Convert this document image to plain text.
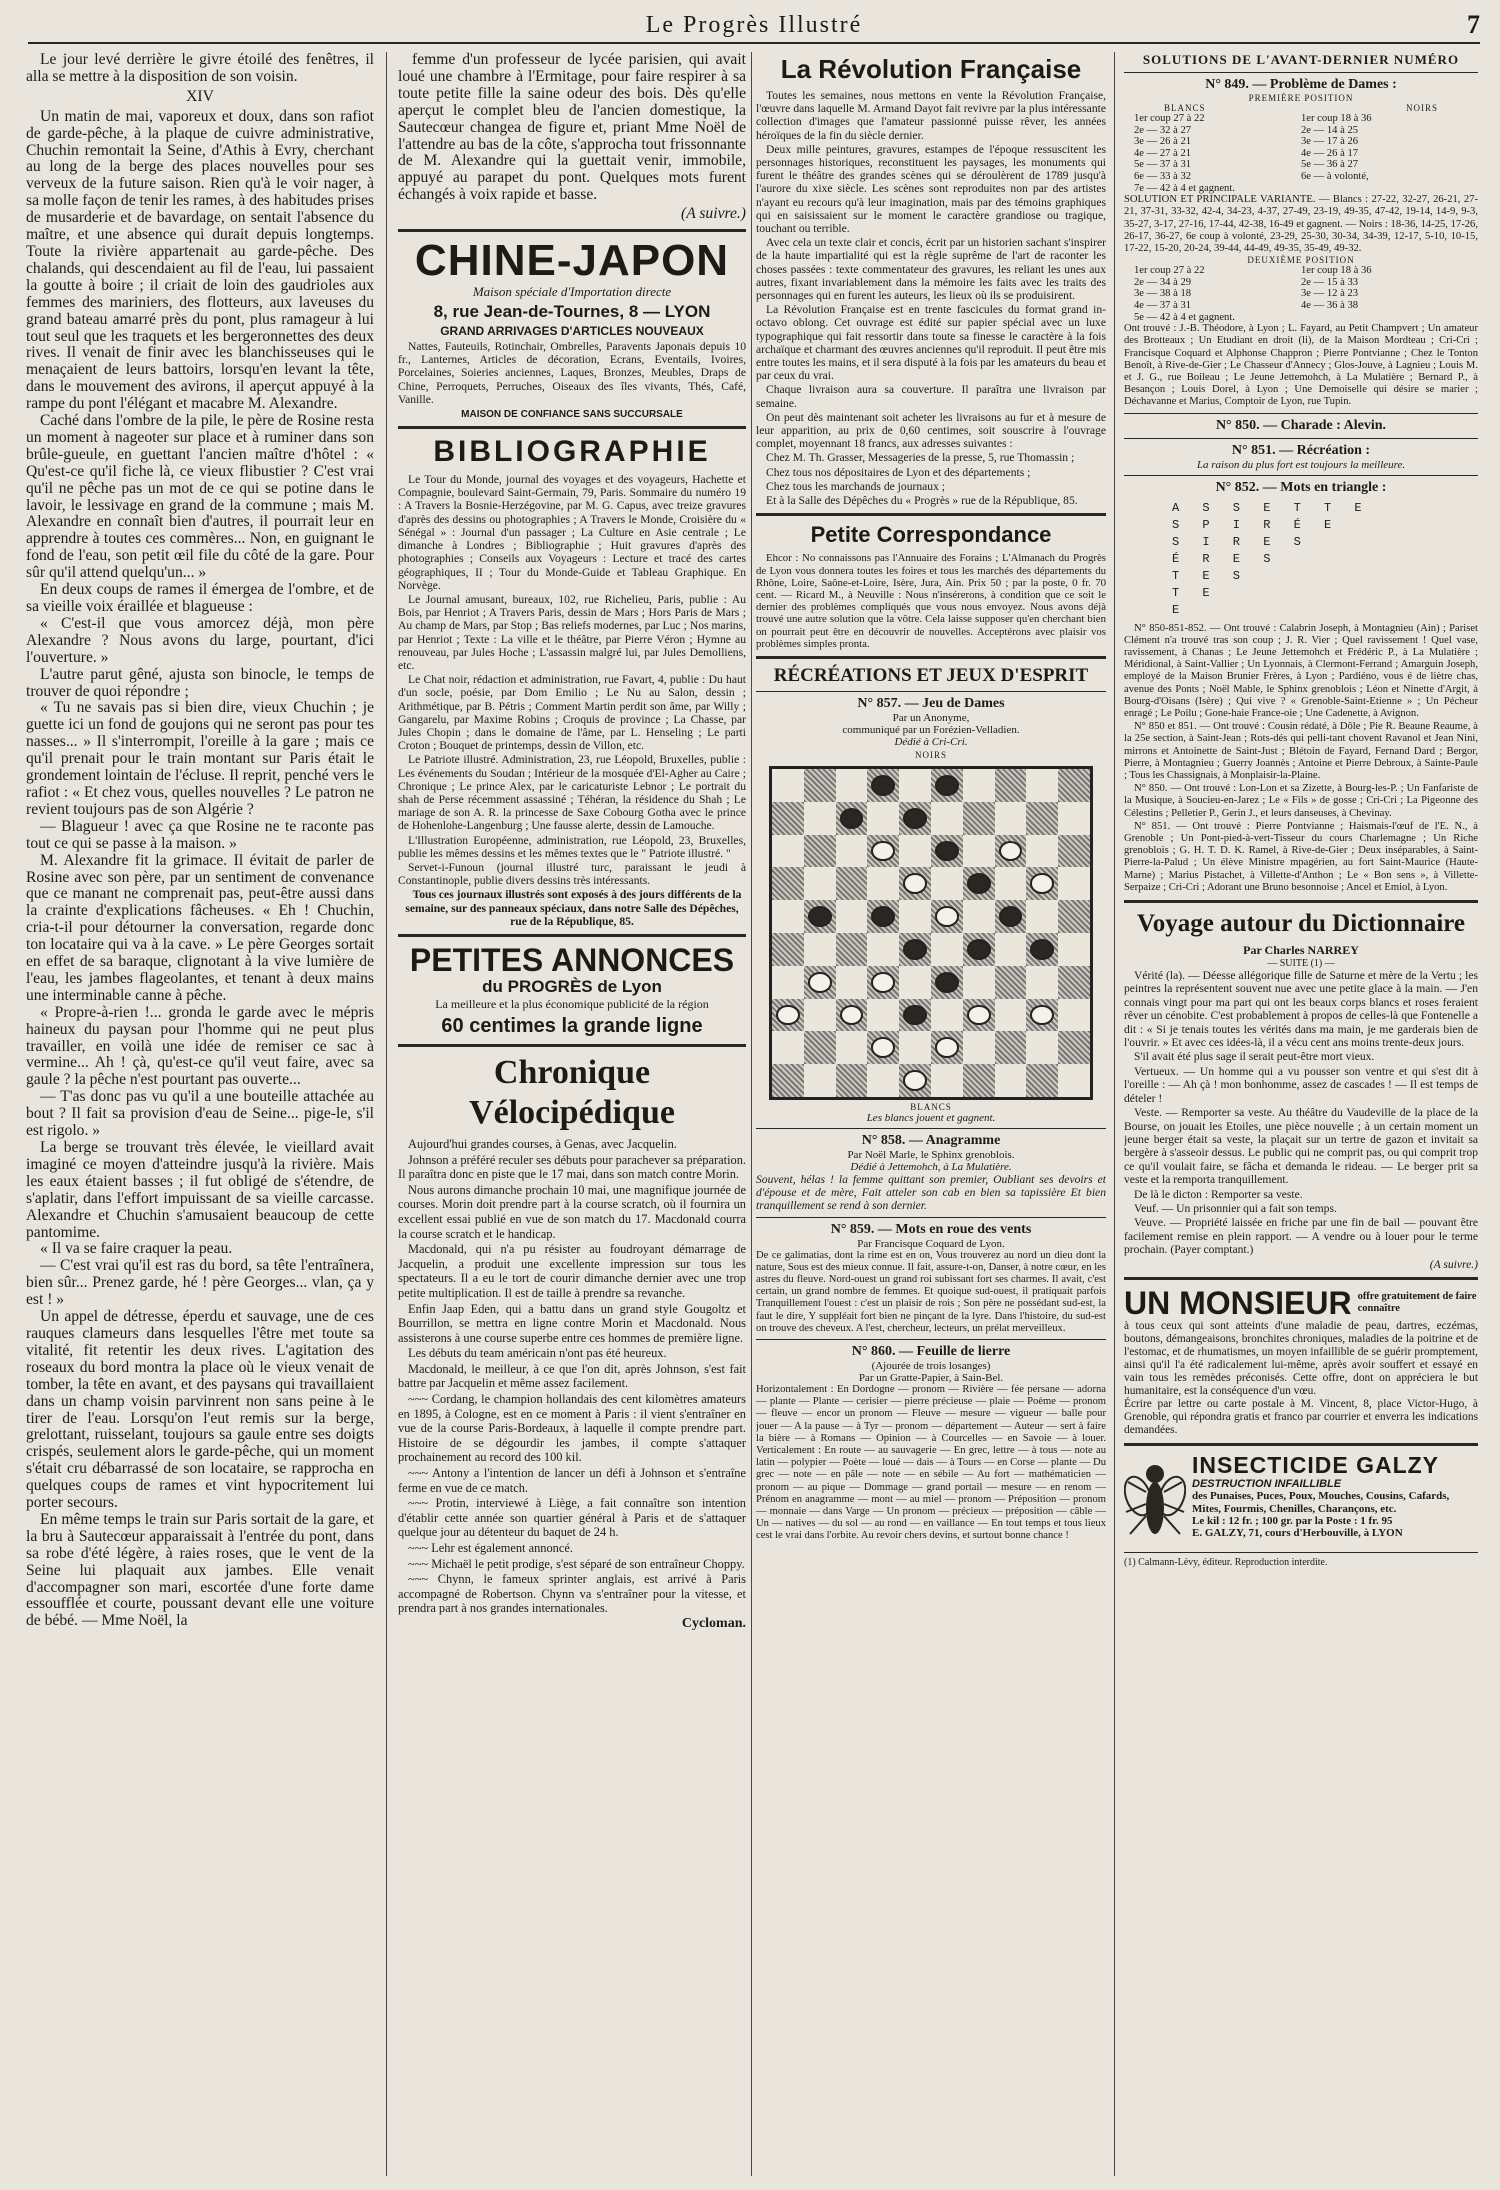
Le Progrès Illustré	7

Le jour levé derrière le givre étoilé des fenêtres, il alla se mettre à la disposition de son voisin.

XIV

Un matin de mai, vaporeux et doux, dans son rafiot de garde-pêche, à la plaque de cuivre administrative, Chuchin remontait la Seine, d'Athis à Evry, cherchant au long de la berge des places nouvelles pour ses verveux de la future saison. Rien qu'à le voir nager, à sa molle façon de tenir les rames, à des habitudes prises de musarderie et de bavardage, on sentait l'absence du maître, et une absence qui durait depuis longtemps. Toute la rivière appartenait au garde-pêche. Des chalands, qui descendaient au fil de l'eau, lui passaient la goutte à boire ; il criait de loin des gaudrioles aux femmes des mariniers, des flotteurs, aux laveuses du grand bateau amarré près du pont, plus ramageur à lui tout seul que les traquets et les bergeronnettes des deux rives. Il venait de finir avec les blanchisseuses qui le menaçaient de leurs battoirs, lorsqu'en levant la tête, dans le mouvement des avirons, il aperçut appuyé à la rampe du pont l'élégant et macabre M. Alexandre.

Caché dans l'ombre de la pile, le père de Rosine resta un moment à nageoter sur place et à ruminer dans son brûle-gueule, en guettant l'ancien maître d'hôtel : « Qu'est-ce qu'il fiche là, ce vieux flibustier ? C'est vrai qu'il ne pêche pas un mot de ce qui se potine dans le lavoir, le lessivage en grand de la commune ; mais M. Alexandre en connaît bien d'autres, il pourrait leur en apprendre à toutes ces commères... Non, en guignant le fond de l'eau, son petit œil file du côté de la gare. Pour sûr qu'il attend quelqu'un... »

En deux coups de rames il émergea de l'ombre, et de sa vieille voix éraillée et blagueuse :

« C'est-il que vous amorcez déjà, mon père Alexandre ? Nous avons du large, pourtant, d'ici l'ouverture. »

L'autre parut gêné, ajusta son binocle, le temps de trouver de quoi répondre ;

« Tu ne savais pas si bien dire, vieux Chuchin ; je guette ici un fond de goujons qui ne seront pas pour tes nasses... » Il s'interrompit, l'oreille à la gare ; mais ce qu'il prenait pour le train montant sur Paris était le grondement lointain de l'écluse. Il reprit, penché vers le rafiot : « Et chez vous, quelles nouvelles ? Le patron ne revient toujours pas de son Algérie ?

— Blagueur ! avec ça que Rosine ne te raconte pas tout ce qui se passe à la maison. »

M. Alexandre fit la grimace. Il évitait de parler de Rosine avec son père, par un sentiment de convenance que ce manant ne comprenait pas, peut-être aussi dans la crainte d'explications fâcheuses. « Eh ! Chuchin, cria-t-il pour détourner la conversation, regarde donc ton locataire qui va à la cave. » Le père Georges sortait en effet de sa baraque, clignotant à la vive lumière de l'eau, les jambes flageolantes, et tenant à deux mains une interminable canne à pêche.

« Propre-à-rien !... gronda le garde avec le mépris haineux du paysan pour l'homme qui ne peut plus travailler, en voilà une idée de remiser ce sac à vermine... Ah ! çà, qu'est-ce qu'il veut faire, avec sa gaule ? la pêche n'est pourtant pas ouverte...

— T'as donc pas vu qu'il a une bouteille attachée au bout ? Il fait sa provision d'eau de Seine... pige-le, s'il est rigolo. »

La berge se trouvant très élevée, le vieillard avait imaginé ce moyen d'atteindre jusqu'à la rivière. Mais les eaux étaient basses ; il fut obligé de s'étendre, de s'aplatir, dans l'effort impuissant de sa vieille carcasse. Alexandre et Chuchin s'amusaient beaucoup de cette pantomime.

« Il va se faire craquer la peau.

— C'est vrai qu'il est ras du bord, sa tête l'entraînera, bien sûr... Prenez garde, hé ! père Georges... vlan, ça y est ! »

Un appel de détresse, éperdu et sauvage, une de ces rauques clameurs dans lesquelles l'être met toute sa vitalité, fit retentir les deux rives. L'agitation des roseaux du bord montra la place où le vieux venait de tomber, la tête en avant, et des paysans qui travaillaient dans un champ voisin parvinrent non sans peine à le tirer de l'eau. Lorsqu'on l'eut remis sur la berge, grelottant, ruisselant, toujours sa gaule entre ses doigts crispés, seulement alors le garde-pêche, qui un moment s'était cru débarrassé de son locataire, se rapprocha en quelques coups de rames et vint hypocritement lui porter secours.

En même temps le train sur Paris sortait de la gare, et la bru à Sautecœur apparaissait à l'entrée du pont, dans sa robe d'été légère, à raies roses, que le vent de la Seine lui plaquait aux jambes. Elle venait d'accompagner son mari, escortée d'une forte dame essoufflée et courte, poussant devant elle une voiture de bébé. — Mme Noël, la

femme d'un professeur de lycée parisien, qui avait loué une chambre à l'Ermitage, pour faire respirer à sa toute petite fille la saine odeur des bois. Dès qu'elle aperçut le complet bleu de l'ancien domestique, la Sautecœur changea de figure et, priant Mme Noël de l'attendre au bas de la côte, s'approcha tout frissonnante de M. Alexandre qui la guettait venir, immobile, appuyé au parapet du pont. Quelques mots furent échangés à voix rapide et basse.

(A suivre.)

CHINE-JAPON
Maison spéciale d'Importation directe
8, rue Jean-de-Tournes, 8 — LYON
GRAND ARRIVAGES D'ARTICLES NOUVEAUX

Nattes, Fauteuils, Rotinchair, Ombrelles, Paravents Japonais depuis 10 fr., Lanternes, Articles de décoration, Ecrans, Eventails, Ivoires, Porcelaines, Soieries anciennes, Laques, Bronzes, Meubles, Draps de Chine, Perroquets, Perruches, Oiseaux des îles vivants, Thés, Café, Vanille.

MAISON DE CONFIANCE SANS SUCCURSALE
BIBLIOGRAPHIE

Le Tour du Monde, journal des voyages et des voyageurs, Hachette et Compagnie, boulevard Saint-Germain, 79, Paris. Sommaire du numéro 19 : A Travers la Bosnie-Herzégovine, par M. G. Capus, avec treize gravures d'après des dessins ou photographies ; A Travers le Monde, Croisière du « Sénégal » : Journal d'un passager ; La Culture en Asie centrale ; Le dimanche à Londres ; Bibliographie ; Huit gravures d'après des photographies ; Conseils aux Voyageurs : Lecture et tracé des cartes géographiques, II ; Tour du Monde-Guide et Tableau Graphique. En Norvège.

Le Journal amusant, bureaux, 102, rue Richelieu, Paris, publie : Au Bois, par Henriot ; A Travers Paris, dessin de Mars ; Hors Paris de Mars ; Au champ de Mars, par Stop ; Bas reliefs modernes, par Luc ; Nos marins, par Henriot ; Texte : La ville et le théâtre, par Pierre Véron ; Hymne au renouveau, par Jules Hoche ; L'assassin malgré lui, par Jules Demolliens, etc.

Le Chat noir, rédaction et administration, rue Favart, 4, publie : Du haut d'un socle, poésie, par Dom Emilio ; Le Nu au Salon, dessin ; Arithmétique, par B. Pétris ; Comment Martin perdit son âme, par Willy ; Gangarelu, par Maxime Robins ; Croquis de province ; La Chasse, par Jules Chopin ; dans le domaine de l'âme, par L. Henseling ; Le parti Croton ; Bouquet de printemps, dessin de Villon, etc.

Le Patriote illustré. Administration, 23, rue Léopold, Bruxelles, publie : Les événements du Soudan ; Intérieur de la mosquée d'El-Agher au Caire ; Chronique ; Le prince Alex, par le caricaturiste Lebnor ; Le portrait du shah de Perse récemment assassiné ; Téhéran, la résidence du Shah ; Le mariage de son A. R. la princesse de Saxe Cobourg Gotha avec le prince de Hohenlohe-Langenburg ; Une fausse alerte, dessin de Lamouche.

L'Illustration Européenne, administration, rue Léopold, 23, Bruxelles, publie les mêmes dessins et les mêmes textes que le " Patriote illustré. "

Servet-i-Funoun (journal illustré turc, paraissant le jeudi à Constantinople, publie divers dessins très intéressants.

Tous ces journaux illustrés sont exposés à des jours différents de la semaine, sur des panneaux spéciaux, dans notre Salle des Dépêches, rue de la République, 85.

PETITES ANNONCES
du PROGRÈS de Lyon
La meilleure et la plus économique publicité de la région
60 centimes la grande ligne
Chronique Vélocipédique

Aujourd'hui grandes courses, à Genas, avec Jacquelin.

Johnson a préféré reculer ses débuts pour parachever sa préparation. Il paraîtra donc en piste que le 17 mai, dans son match contre Morin.

Nous aurons dimanche prochain 10 mai, une magnifique journée de courses. Morin doit prendre part à la course scratch, où il fournira un excellent essai publié en vue de son match du 17. Macdonald courra la course scratch et le handicap.

Macdonald, qui n'a pu résister au foudroyant démarrage de Jacquelin, a produit une excellente impression sur tous les spectateurs. Il a eu le tort de courir dimanche dernier avec une trop petite multiplication. Il est de taille à prendre sa revanche.

Enfin Jaap Eden, qui a battu dans un grand style Gougoltz et Bourrillon, se mettra en ligne contre Morin et Macdonald. Nous assisterons à une course superbe entre ces hommes de première ligne.

Les débuts du team américain n'ont pas été heureux.

Macdonald, le meilleur, à ce que l'on dit, après Johnson, s'est fait battre par Jacquelin et même assez facilement.

~~~ Cordang, le champion hollandais des cent kilomètres amateurs en 1895, à Cologne, est en ce moment à Paris : il vient s'entraîner en vue de la course Paris-Bordeaux, à laquelle il compte prendre part. Histoire de se dégourdir les jambes, il compte s'attaquer prochainement au record des 100 kil.

~~~ Antony a l'intention de lancer un défi à Johnson et s'entraîne ferme en vue de ce match.

~~~ Protin, interviewé à Liège, a fait connaître son intention d'établir cette année son quartier général à Paris et de s'attaquer quelque jour au détenteur du baquet de 24 h.

~~~ Lehr est également annoncé.

~~~ Michaël le petit prodige, s'est séparé de son entraîneur Choppy.

~~~ Chynn, le fameux sprinter anglais, est arrivé à Paris accompagné de Robertson. Chynn va s'entraîner pour la vitesse, et prendra part à nos grandes internationales.

Cycloman.

La Révolution Française

Toutes les semaines, nous mettons en vente la Révolution Française, l'œuvre dans laquelle M. Armand Dayot fait revivre par la plus intéressante collection d'images que l'amateur passionné puisse rêver, les années héroïques de la fin du siècle dernier.

Deux mille peintures, gravures, estampes de l'époque ressuscitent les personnages historiques, reconstituent les paysages, les monuments qui furent le théâtre des grandes scènes qui se déroulèrent de 1789 jusqu'à l'aurore du xixe siècle. Les scènes sont reproduites non par des artistes n'ayant eu recours qu'à leur imagination, mais par des témoins graphiques qui en saisissaient sur le moment le caractère grandiose ou tragique, touchant ou terrible.

Avec cela un texte clair et concis, écrit par un historien sachant s'inspirer de la haute impartialité qui est la règle suprême de l'art de raconter les choses passées : texte commentateur des gravures, les reliant les unes aux autres, fixant invariablement dans la mémoire les faits avec les traits des personnages qui en furent les auteurs, les lieux où ils se produisirent.

La Révolution Française est en trente fascicules du format grand in-octavo oblong. Cet ouvrage est édité sur papier spécial avec un luxe typographique qui fait ressortir dans toute sa finesse le caractère à la fois archaïque et charmant des œuvres anciennes qu'il reproduit. Il peut être mis entre toutes les mains, et il sera disputé à la fois par les amateurs du beau et par ceux du vrai.

Chaque livraison aura sa couverture. Il paraîtra une livraison par semaine.

On peut dès maintenant soit acheter les livraisons au fur et à mesure de leur apparition, au prix de 0,60 centimes, soit souscrire à l'ouvrage complet, moyennant 18 francs, aux adresses suivantes :

Chez M. Th. Grasser, Messageries de la presse, 5, rue Thomassin ;

Chez tous nos dépositaires de Lyon et des départements ;

Chez tous les marchands de journaux ;

Et à la Salle des Dépêches du « Progrès » rue de la République, 85.

Petite Correspondance

Ehcor : No connaissons pas l'Annuaire des Forains ; L'Almanach du Progrès de Lyon vous donnera toutes les foires et tous les marchés des départements du Rhône, Loire, Saône-et-Loire, Isère, Jura, Ain. Prix 50 ; par la poste, 0 fr. 70 cent. — Ricard M., à Neuville : Nous n'insérerons, à condition que ce soit le dernier des problèmes compliqués que vous nous envoyez. Nous avons déjà trouvé une autre solution que la vôtre. Cela laisse supposer qu'en cherchant bien on pourrait peut être en découvrir de nouvelles. Acceptérons avec plaisir vos problèmes simples pronta.

RÉCRÉATIONS ET JEUX D'ESPRIT
N° 857. — Jeu de Dames
Par un Anonyme,
communiqué par un Forézien-Velladien.
Dédié à Cri-Cri.
NOIRS
BLANCS
Les blancs jouent et gagnent.
N° 858. — Anagramme
Par Noël Marle, le Sphinx grenoblois.
Dédié à Jettemohch, à La Mulatière.

Souvent, hélas ! la femme quittant son premier, Oubliant ses devoirs et d'épouse et de mère, Fait atteler son cab en bien sa tapissière Et bien tranquillement se rend à son dernier.

N° 859. — Mots en roue des vents
Par Francisque Coquard de Lyon.

De ce galimatias, dont la rime est en on, Vous trouverez au nord un dieu dont la nature, Sous est des mieux connue. Il fait, assure-t-on, Danser, à notre cœur, en les astres du fleuve. Nord-ouest un grand roi subissant fort ses charmes. Il avait, c'est certain, un grand nombre de femmes. Et quoique sud-ouest, il pratiquait parfois Tranquillement l'ouest : c'est un plaisir de rois ; Son père ne possédant sud-est, la faut le dire, Y suppléait fort bien ne pinçant de la lyre. Dans l'histoire, du sud-est on trouve des cheveux. A l'est, chercheur, lecteurs, un prélat merveilleux.

N° 860. — Feuille de lierre
(Ajourée de trois losanges)
Par un Gratte-Papier, à Sain-Bel.

Horizontalement : En Dordogne — pronom — Rivière — fée persane — adorna — plante — Plante — cerisier — pierre précieuse — plaie — Poème — pronom — fleuve — encor un pronom — Fleuve — mesure — vigueur — balle pour jouer — A la pause — à Tyr — pronom — département — Auteur — sert à faire la bière — à Romans — Opinion — à Courcelles — en Savoie — à louer. Verticalement : En route — au sauvagerie — En grec, lettre — à tous — note au latin — polypier — Poète — loué — dais — à Tours — en Corse — plante — Du grec — note — en pâle — note — en sébile — Au fort — mathématicien — pronom — au pique — Dommage — grand portail — mesure — en renom — Prénom en anagramme — mont — au miel — pronom — Préposition — pronom — monnaie — dans Varge — Un pronom — précieux — préposition — câble — Un — natives — du sol — au rond — en vaillance — En tout temps et tous lieux cest le vrai dans l'orbite. Au revoir chers devins, et surtout bonne chance !

SOLUTIONS DE L'AVANT-DERNIER NUMÉRO
N° 849. — Problème de Dames :
PREMIÈRE POSITION
BLANCS	NOIRS
1er coup 27 à 22	1er coup 18 à 36
2e — 32 à 27	2e — 14 à 25
3e — 26 à 21	3e — 17 à 26
4e — 27 à 21	4e — 26 à 17
5e — 37 à 31	5e — 36 à 27
6e — 33 à 32	6e — à volonté,
7e — 42 à 4 et gagnent.

SOLUTION ET PRINCIPALE VARIANTE. — Blancs : 27-22, 32-27, 26-21, 27-21, 37-31, 33-32, 42-4, 34-23, 4-37, 27-49, 23-19, 49-35, 47-42, 19-14, 14-9, 9-3, 35-27, 3-17, 27-16, 17-44, 42-38, 16-49 et gagnent. — Noirs : 18-36, 14-25, 17-26, 26-17, 36-27, 6e coup à volonté, 23-29, 25-30, 30-34, 34-39, 12-17, 5-10, 10-15, 17-22, 15-20, 20-24, 39-44, 44-49, 49-35, 35-49, 49-32.

DEUXIÈME POSITION
1er coup 27 à 22	1er coup 18 à 36
2e — 34 à 29	2e — 15 à 33
3e — 38 à 18	3e — 12 à 23
4e — 37 à 31	4e — 36 à 38
5e — 42 à 4 et gagnent.

Ont trouvé : J.-B. Théodore, à Lyon ; L. Fayard, au Petit Champvert ; Un amateur des Brotteaux ; Un Etudiant en droit (li), de la Maison Mordteau ; Cri-Cri ; Francisque Coquard et Alphonse Chappron ; Pierre Pontvianne ; Chez le Tonton Benoît, à Rive-de-Gier ; Le Chasseur d'Annecy ; Glos-Jouve, à Lagnieu ; Louis M. et J. G., rue Boileau ; Le Jeune Jettemohch, à La Mulatière ; Bernard P., à Besançon ; Louis Dorel, à Lyon ; Une Demoiselle qui désire se marier ; Déchavanne et Marius, Comptoir de Lyon, rue Tupin.

N° 850. — Charade : Alevin.
N° 851. — Récréation :
La raison du plus fort est toujours la meilleure.
N° 852. — Mots en triangle :
A S S E T T E
S P I R É E
S I R E S
É R E S
T E S
T E
E

N° 850-851-852. — Ont trouvé : Calabrin Joseph, à Montagnieu (Ain) ; Pariset Clément n'a trouvé tras son coup ; J. R. Vier ; Quel ravissement ! Quel vase, ravissement, à Chanas ; Le Jeune Jettemohch et Frédéric P., à La Mulatière ; Méridional, à Saint-Vallier ; Un Lyonnais, à Clermont-Ferrand ; Amarguin Joseph, employé de la Maison Brunier Frères, à Lyon ; Pardiéno, vous é de liètre chas, avenue des Ponts ; Noël Mable, le Sphinx grenoblois ; Léon et Ninette d'Argit, à Bourg-d'Oisans (Isère) ; Qui vive ? « Grenoble-Saint-Etienne » ; Un Pécheur enragé ; Le Poilu ; Gone-haie France-oie ; Une Cadenette, à Avignon.

N° 850 et 851. — Ont trouvé : Cousin rédaté, à Dôle ; Pie R. Beaune Reaume, à la 25e section, à Saint-Jean ; Rots-dés qui pelli-tant chovent Ravanol et Jean Nini, mirrons et Antoinette de Saint-Just ; Blétoin de Fayard, Fernand Dard ; Bergor, Pierre, à Montagnieu ; Guerry Joannès ; Antoine et Pierre Debroux, à Sainte-Paule ; Tous les Chassignais, à Monplaisir-la-Plaine.

N° 850. — Ont trouvé : Lon-Lon et sa Zizette, à Bourg-les-P. ; Un Fanfariste de la Musique, à Soucieu-en-Jarez ; Le « Fils » de gosse ; Cri-Cri ; La Pigeonne des Célestins ; Pelletier P., Gerin J., et leurs danseuses, à Chevinay.

N° 851. — Ont trouvé : Pierre Pontvianne ; Haismais-l'œuf de l'E. N., à Grenoble ; Un Pont-pied-à-vert-Tisseur du cours Charlemagne ; Un Riche grenoblois ; G. H. T. D. K. Ramel, à Rive-de-Gier ; Deux inséparables, à Saint-Pierre-la-Palud ; Un élève Ministre mpagérien, au fort Saint-Maurice (Haute-Marne) ; Marius Pistachet, à Villette-d'Anthon ; Le « Bon sens », à Villette-Serpaize ; Cri-Cri ; Adorant une Bruno besonnoise ; Ancel et Emiol, à Lyon.

Voyage autour du Dictionnaire
Par Charles NARREY
— SUITE (1) —

Vérité (la). — Déesse allégorique fille de Saturne et mère de la Vertu ; les peintres la représentent souvent nue avec une petite glace à la main. — J'en connais vingt pour ma part qui ont les beaux corps blancs et roses feraient rêver un cénobite. C'est probablement à propos de celles-là que Fontenelle a dit : « Si je tenais toutes les vérités dans ma main, je me garderais bien de l'ouvrir. » Et avec ces idées-là, il a vécu cent ans moins trente-deux jours.

S'il avait été plus sage il serait peut-être mort vieux.

Vertueux. — Un homme qui a vu pousser son ventre et qui s'est dit à l'oreille : — Ah çà ! mon bonhomme, assez de cascades ! — Il est temps de dételer !

Veste. — Remporter sa veste. Au théâtre du Vaudeville de la place de la Bourse, on jouait les Etoiles, une pièce nouvelle ; à un certain moment un jeune berger était sa veste, la plaçait sur un tertre de gazon et invitait sa bergère à s'asseoir dessus. Le public qui ne comprit pas, ou qui comprit trop ce qu'il voulait faire, se fâcha et demanda le rideau. — Le berger prit sa veste et la remporta tranquillement.

De là le dicton : Remporter sa veste.

Veuf. — Un prisonnier qui a fait son temps.

Veuve. — Propriété laissée en friche par une fin de bail — pouvant être facilement remise en plein rapport. — A vendre ou à louer pour le terme prochain. (Payer comptant.)

(A suivre.)

UN MONSIEUR offre gratuitement de faire connaître

à tous ceux qui sont atteints d'une maladie de peau, dartres, eczémas, boutons, démangeaisons, bronchites chroniques, maladies de la poitrine et de l'estomac, et de rhumatismes, un moyen infaillible de se guérir promptement, ainsi qu'il l'a été radicalement lui-même, après avoir souffert et essayé en vain tous les remèdes préconisés. Cette offre, dont on appréciera le but humanitaire, est la conséquence d'un vœu.

Écrire par lettre ou carte postale à M. Vincent, 8, place Victor-Hugo, à Grenoble, qui répondra gratis et franco par courrier et enverra les indications demandées.

INSECTICIDE GALZY
DESTRUCTION INFAILLIBLE
des Punaises, Puces, Poux, Mouches, Cousins, Cafards, Mites, Fourmis, Chenilles, Charançons, etc.
Le kil : 12 fr. ; 100 gr. par la Poste : 1 fr. 95
E. GALZY, 71, cours d'Herbouville, à LYON
(1) Calmann-Lévy, éditeur. Reproduction interdite.
